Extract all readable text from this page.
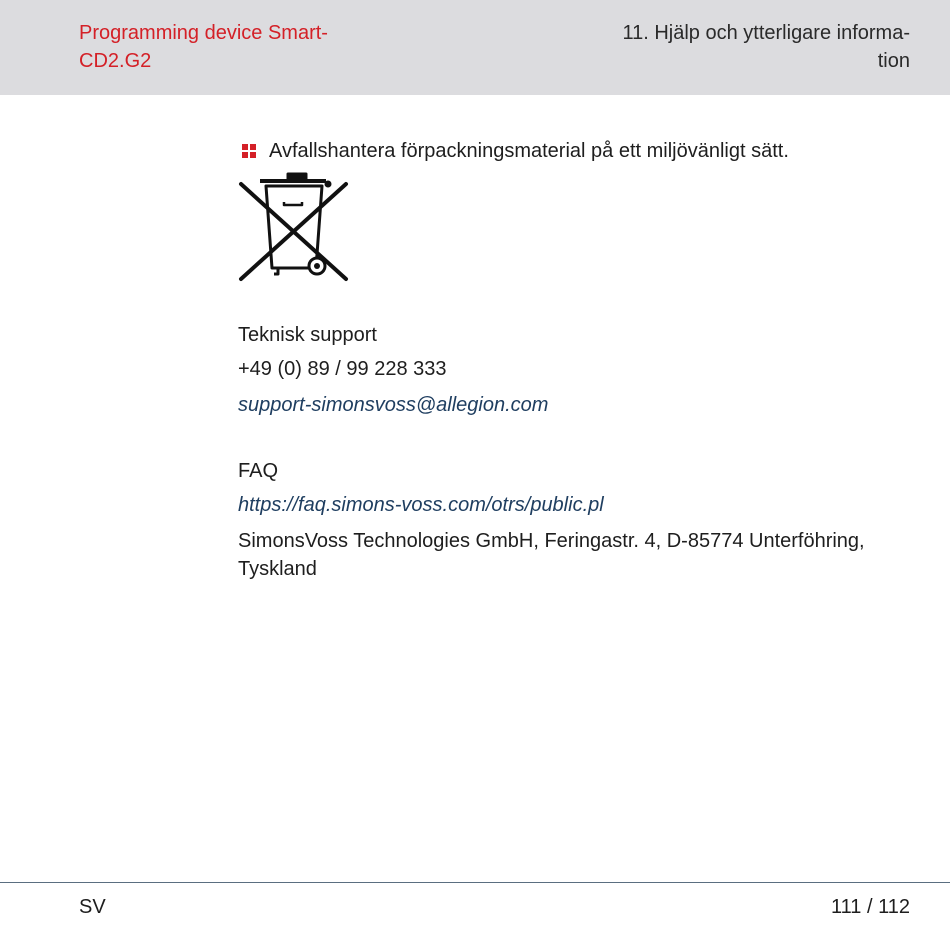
Programming device Smart-
CD2.G2
11. Hjälp och ytterligare informa-
tion
Avfallshantera förpackningsmaterial på ett miljövänligt sätt.
Teknisk support
+49 (0) 89 / 99 228 333
support-simonsvoss@allegion.com
FAQ
https://faq.simons-voss.com/otrs/public.pl
SimonsVoss Technologies GmbH, Feringastr. 4, D-85774 Unterföhring,
Tyskland
SV	111 / 112
